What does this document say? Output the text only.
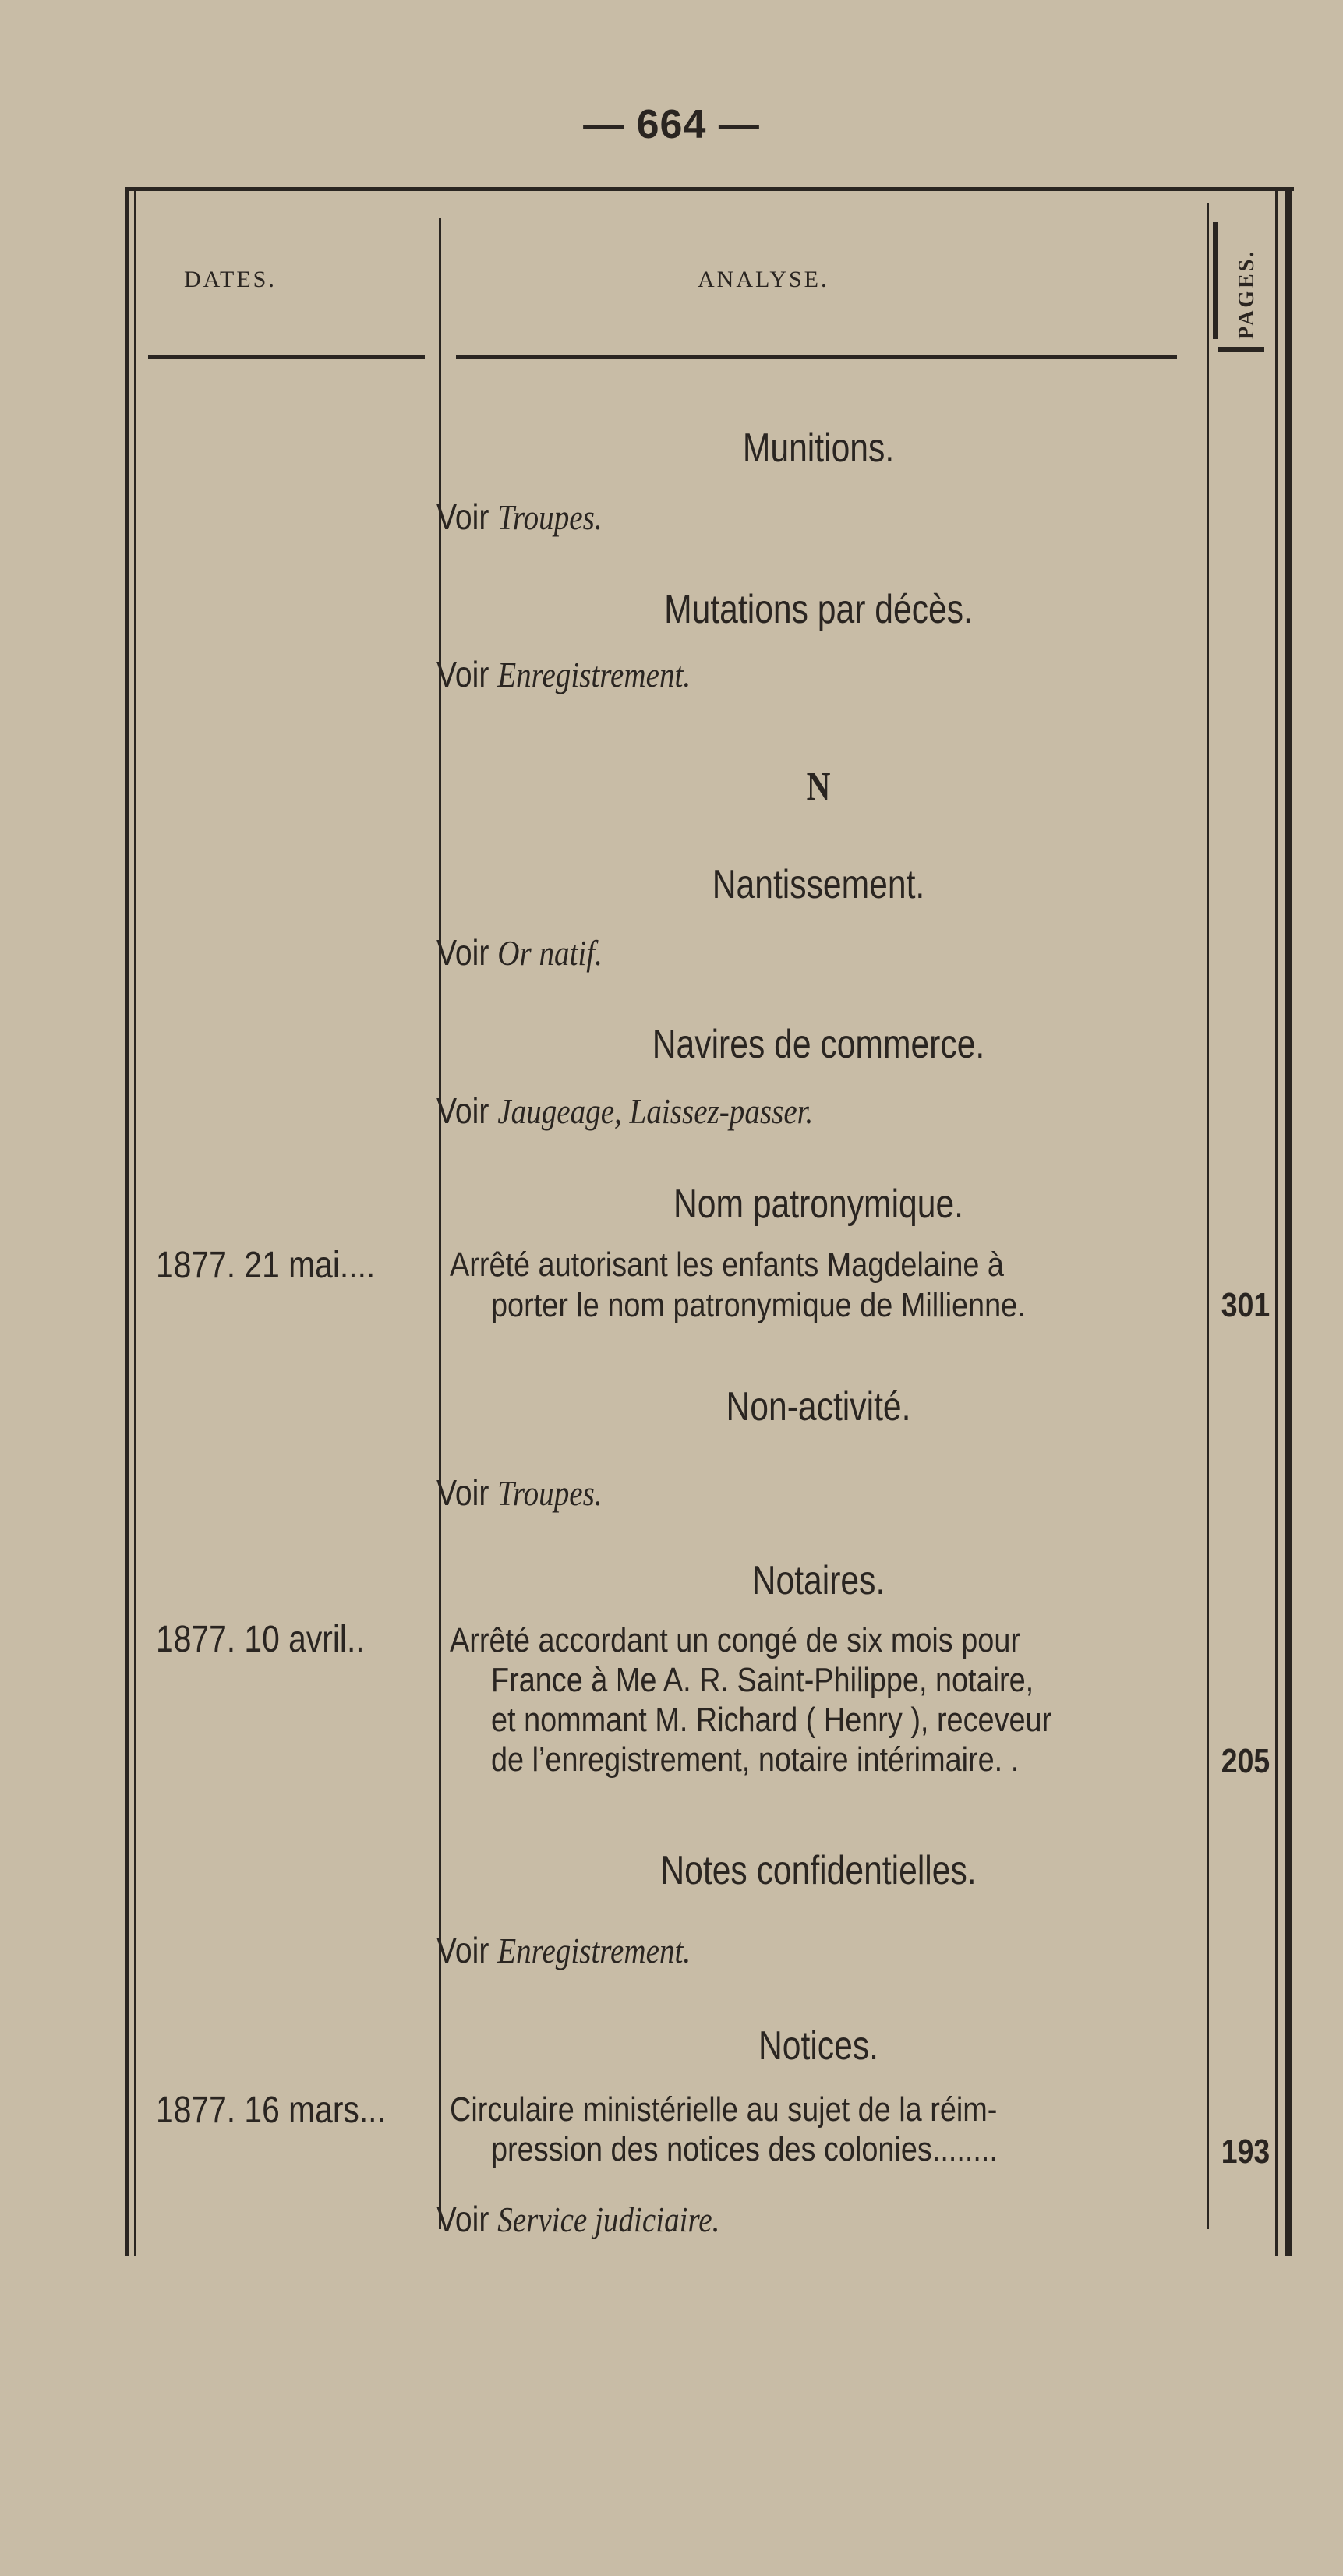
— 664 —
DATES.	ANALYSE.	PAGES.
Munitions.
Voir Troupes.
Mutations par décès.
Voir Enregistrement.
N
Nantissement.
Voir Or natif.
Navires de commerce.
Voir Jaugeage, Laissez-passer.
Nom patronymique.
1877. 21 mai.... Arrêté autorisant les enfants Magdelaine à
porter le nom patronymique de Millienne.	301
Non-activité.
Voir Troupes.
Notaires.
1877. 10 avril.. Arrêté accordant un congé de six mois pour
France à Me A. R. Saint-Philippe, notaire,
et nommant M. Richard ( Henry ), receveur
de l’enregistrement, notaire intérimaire. .	205
Notes confidentielles.
Voir Enregistrement.
Notices.
1877. 16 mars... Circulaire ministérielle au sujet de la réim-
pression des notices des colonies........	193
Voir Service judiciaire.
